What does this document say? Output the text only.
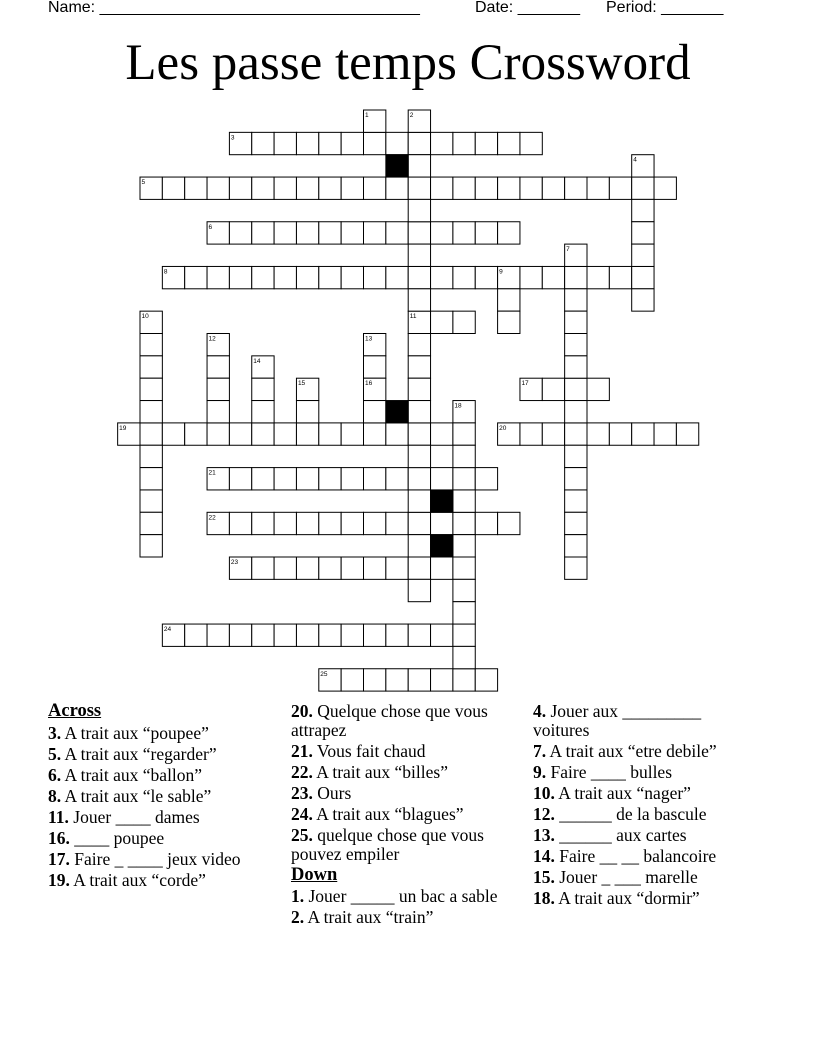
Name: ____________________________________	Date: _______ Period: _______
Les passe temps Crossword
3
5
6
8
11
17
19	20
21
22
23
24
25
1	2
4
7
9
10
12	13
14
15	16
18
Across
3. A trait aux “poupee”
5. A trait aux “regarder”
6. A trait aux “ballon”
8. A trait aux “le sable”
11. Jouer ____ dames
16. ____ poupee
17. Faire _ ____ jeux video
19. A trait aux “corde”
20. Quelque chose que vous attrapez
21. Vous fait chaud
22. A trait aux “billes”
23. Ours
24. A trait aux “blagues”
25. quelque chose que vous pouvez empiler
Down
1. Jouer _____ un bac a sable
2. A trait aux “train”
4. Jouer aux _________ voitures
7. A trait aux “etre debile”
9. Faire ____ bulles
10. A trait aux “nager”
12. ______ de la bascule
13. ______ aux cartes
14. Faire __ __ balancoire
15. Jouer _ ___ marelle
18. A trait aux “dormir”
